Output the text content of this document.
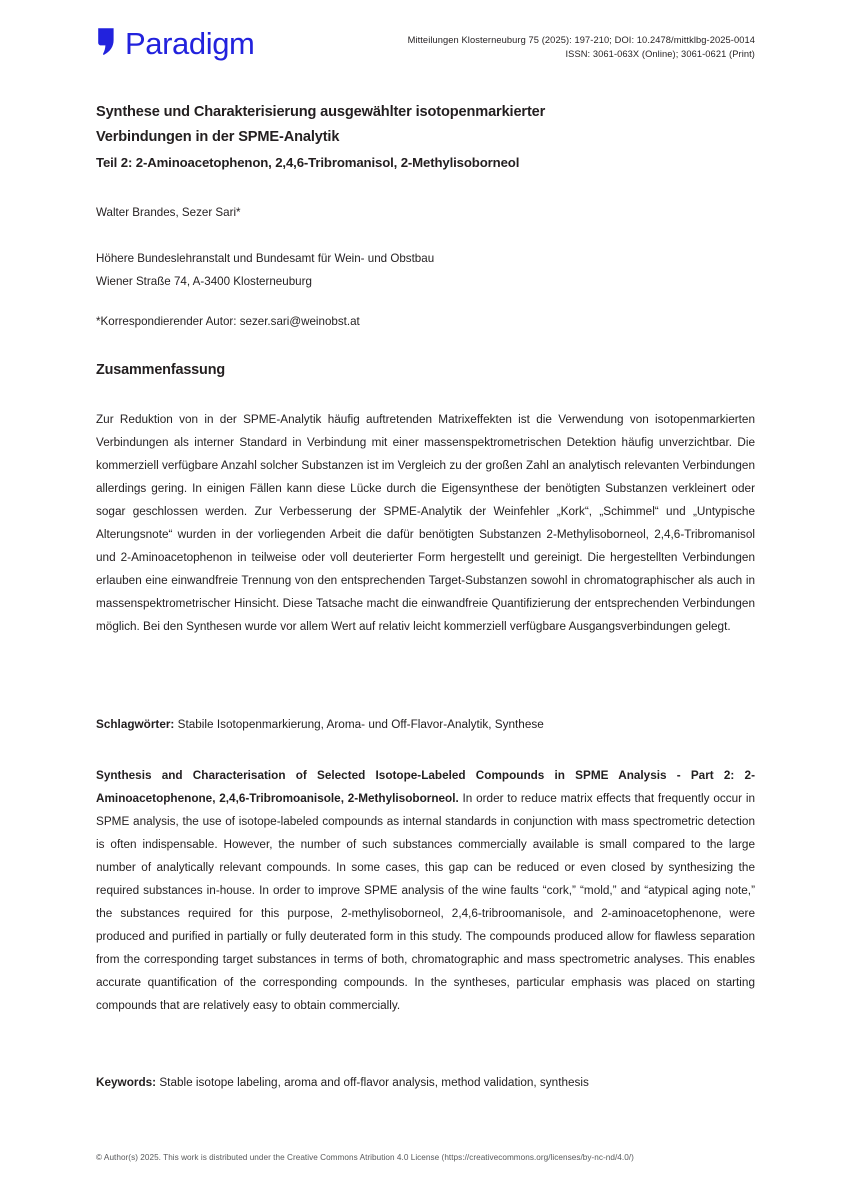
Paradigm	Mitteilungen Klosterneuburg 75 (2025): 197-210; DOI: 10.2478/mittklbg-2025-0014
ISSN: 3061-063X (Online); 3061-0621 (Print)
Synthese und Charakterisierung ausgewählter isotopenmarkierter
Verbindungen in der SPME-Analytik
Teil 2: 2-Aminoacetophenon, 2,4,6-Tribromanisol, 2-Methylisoborneol
Walter Brandes, Sezer Sari*
Höhere Bundeslehranstalt und Bundesamt für Wein- und Obstbau
Wiener Straße 74, A-3400 Klosterneuburg
*Korrespondierender Autor: sezer.sari@weinobst.at
Zusammenfassung
Zur Reduktion von in der SPME-Analytik häufig auftretenden Matrixeffekten ist die Verwendung von isotopenmarkierten Verbindungen als interner Standard in Verbindung mit einer massenspektrometrischen Detektion häufig unverzichtbar. Die kommerziell verfügbare Anzahl solcher Substanzen ist im Vergleich zu der großen Zahl an analytisch relevanten Verbindungen allerdings gering. In einigen Fällen kann diese Lücke durch die Eigensynthese der benötigten Substanzen verkleinert oder sogar geschlossen werden. Zur Verbesserung der SPME-Analytik der Weinfehler „Kork“, „Schimmel“ und „Untypische Alterungsnote“ wurden in der vorliegenden Arbeit die dafür benötigten Substanzen 2-Methylisoborneol, 2,4,6-Tribromanisol und 2-Aminoacetophenon in teilweise oder voll deuterierter Form hergestellt und gereinigt. Die hergestellten Verbindungen erlauben eine einwandfreie Trennung von den entsprechenden Target-Substanzen sowohl in chromatographischer als auch in massenspektrometrischer Hinsicht. Diese Tatsache macht die einwandfreie Quantifizierung der entsprechenden Verbindungen möglich. Bei den Synthesen wurde vor allem Wert auf relativ leicht kommerziell verfügbare Ausgangsverbindungen gelegt.
Schlagwörter: Stabile Isotopenmarkierung, Aroma- und Off-Flavor-Analytik, Synthese
Synthesis and Characterisation of Selected Isotope-Labeled Compounds in SPME Analysis - Part 2: 2-Aminoacetophenone, 2,4,6-Tribromoanisole, 2-Methylisoborneol. In order to reduce matrix effects that frequently occur in SPME analysis, the use of isotope-labeled compounds as internal standards in conjunction with mass spectrometric detection is often indispensable. However, the number of such substances commercially available is small compared to the large number of analytically relevant compounds. In some cases, this gap can be reduced or even closed by synthesizing the required substances in-house. In order to improve SPME analysis of the wine faults “cork,” “mold,” and “atypical aging note,” the substances required for this purpose, 2-methylisoborneol, 2,4,6-tribroomanisole, and 2-aminoacetophenone, were produced and purified in partially or fully deuterated form in this study. The compounds produced allow for flawless separation from the corresponding target substances in terms of both, chromatographic and mass spectrometric analyses. This enables accurate quantification of the corresponding compounds. In the syntheses, particular emphasis was placed on starting compounds that are relatively easy to obtain commercially.
Keywords: Stable isotope labeling, aroma and off-flavor analysis, method validation, synthesis
© Author(s) 2025. This work is distributed under the Creative Commons Atribution 4.0 License (https://creativecommons.org/licenses/by-nc-nd/4.0/)
